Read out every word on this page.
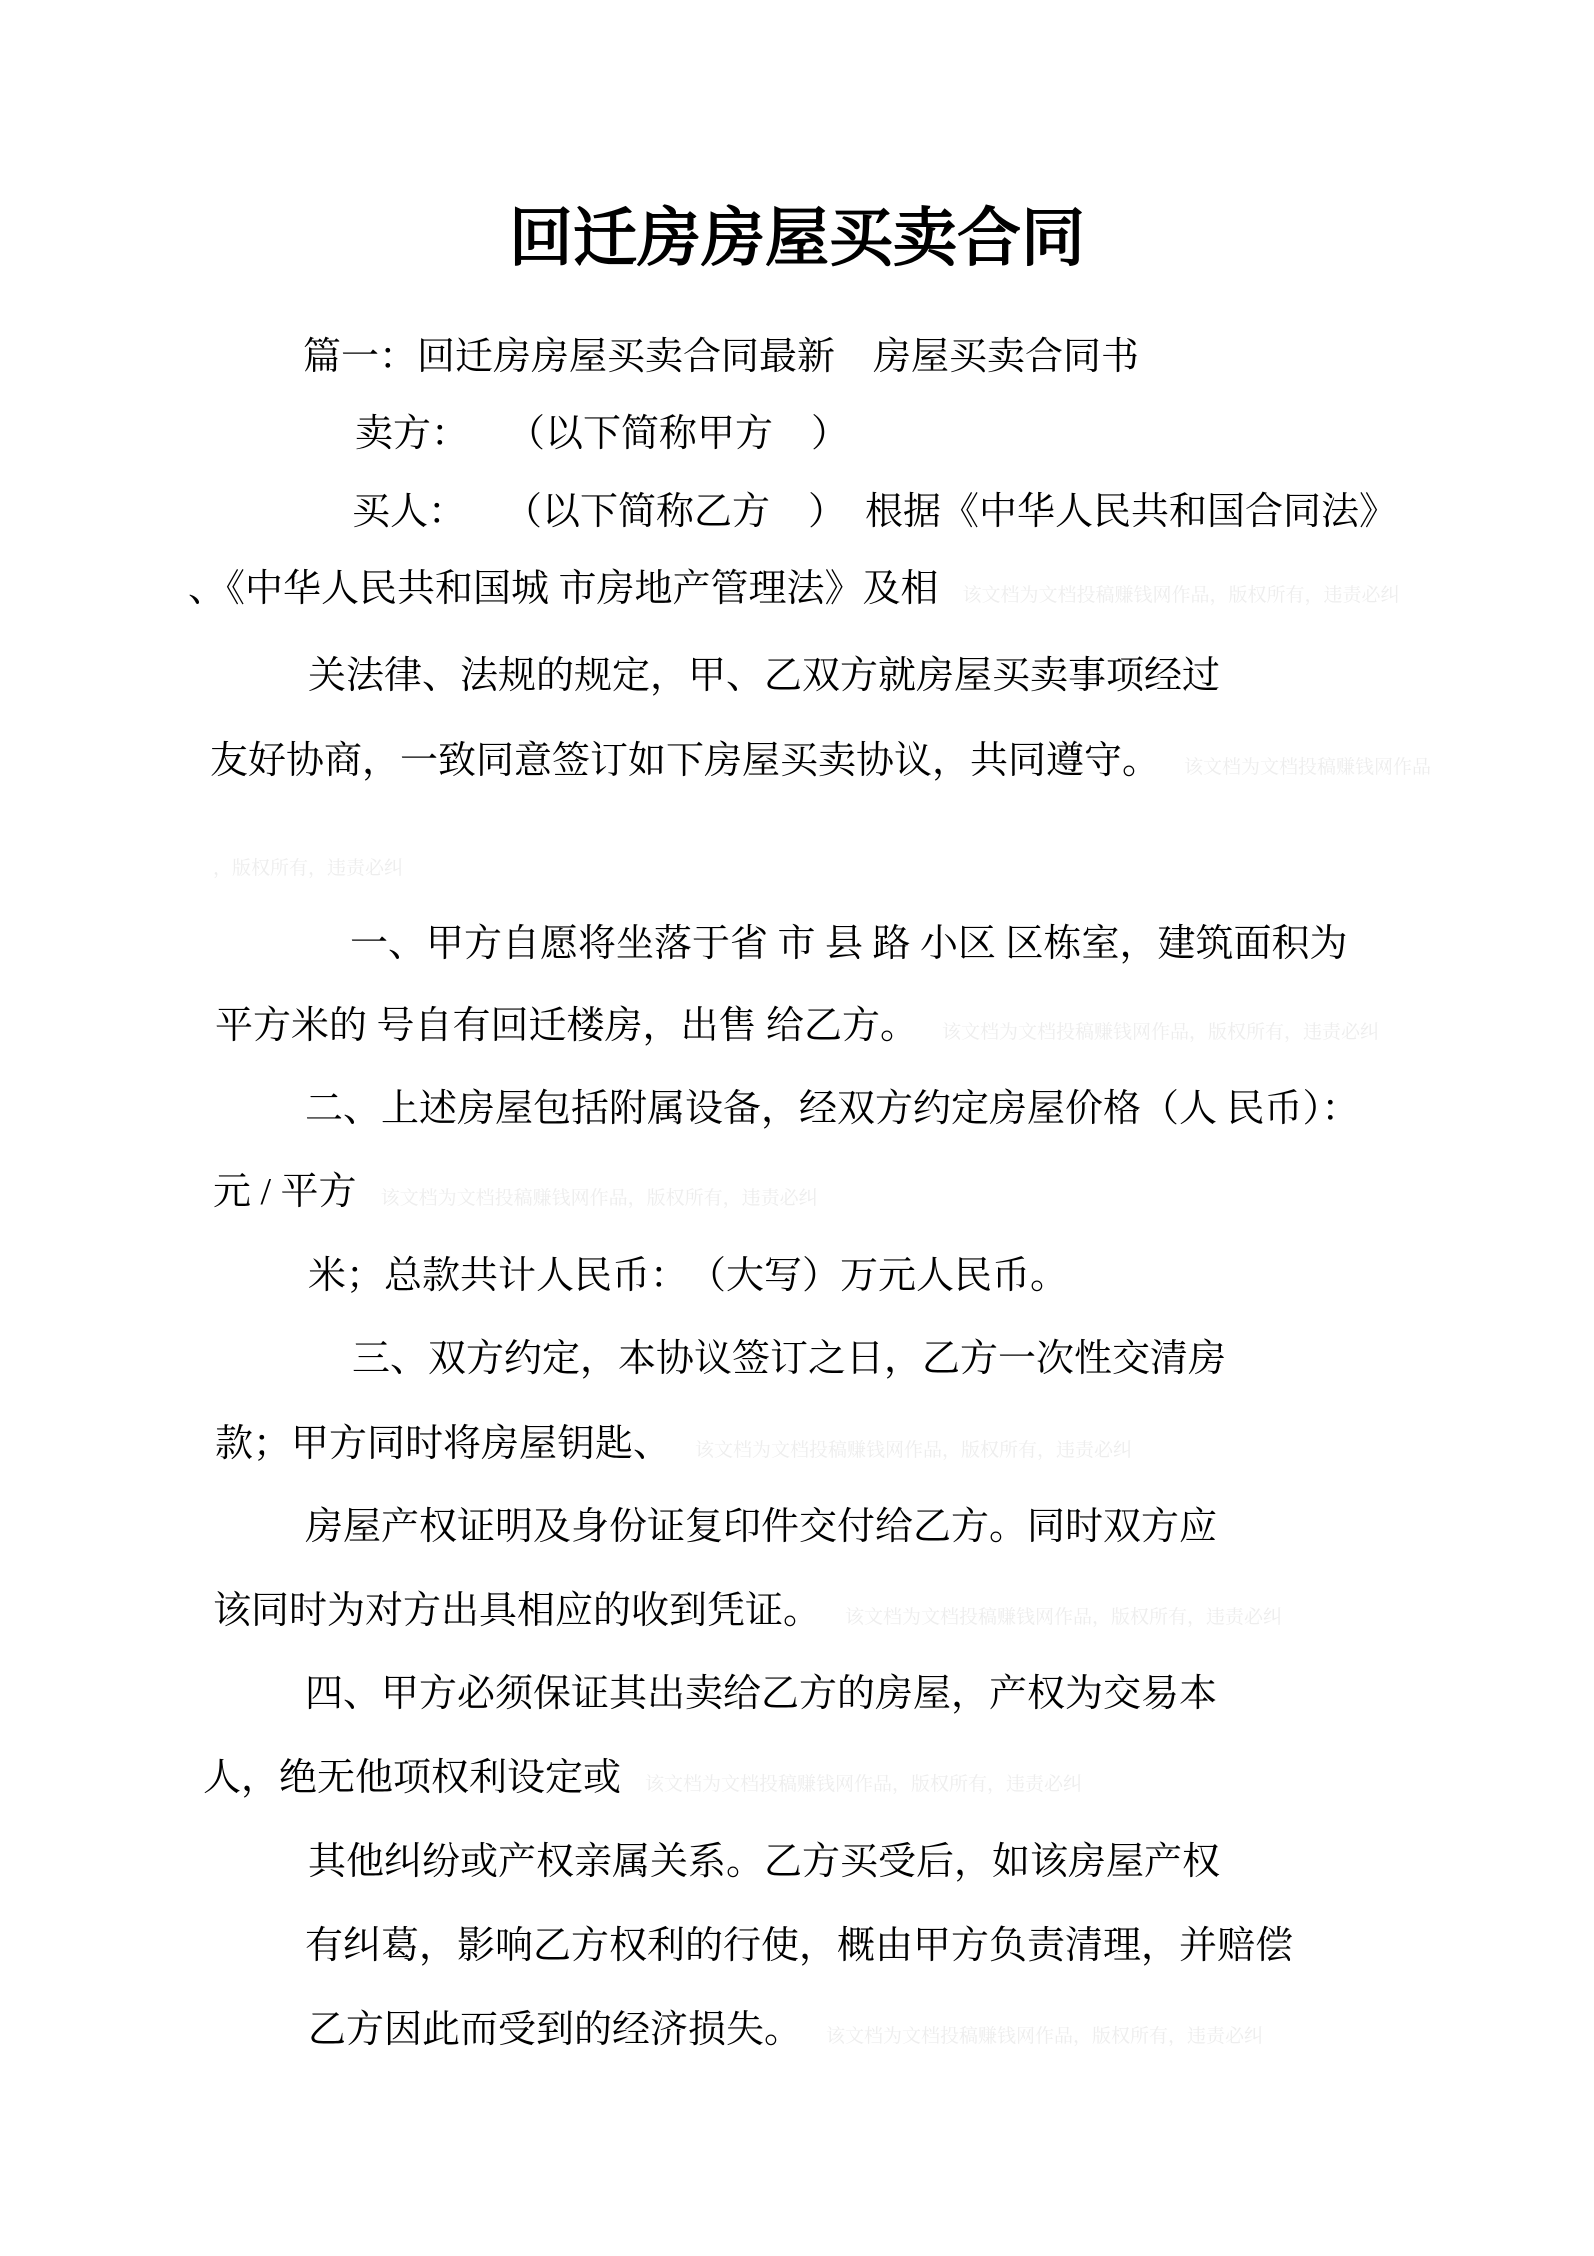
回迁房房屋买卖合同
篇一：回迁房房屋买卖合同最新　房屋买卖合同书
卖方：　　（以下简称甲方　）
买人：　　（以下简称乙方　）　根据《中华人民共和国合同法》
、《中华人民共和国城 市房地产管理法》及相 该文档为文档投稿赚钱网作品，版权所有，违责必纠
关法律、法规的规定，甲、乙双方就房屋买卖事项经过
友好协商，一致同意签订如下房屋买卖协议，共同遵守。 该文档为文档投稿赚钱网作品
，版权所有，违责必纠
一、甲方自愿将坐落于省 市 县 路 小区 区栋室，建筑面积为
平方米的 号自有回迁楼房，出售 给乙方。 该文档为文档投稿赚钱网作品，版权所有，违责必纠
二、上述房屋包括附属设备，经双方约定房屋价格（人 民币）：
元 / 平方 该文档为文档投稿赚钱网作品，版权所有，违责必纠
米；总款共计人民币：　（大写）万元人民币。
三、双方约定，本协议签订之日，乙方一次性交清房
款；甲方同时将房屋钥匙、 该文档为文档投稿赚钱网作品，版权所有，违责必纠
房屋产权证明及身份证复印件交付给乙方。同时双方应
该同时为对方出具相应的收到凭证。 该文档为文档投稿赚钱网作品，版权所有，违责必纠
四、甲方必须保证其出卖给乙方的房屋，产权为交易本
人，绝无他项权利设定或 该文档为文档投稿赚钱网作品，版权所有，违责必纠
其他纠纷或产权亲属关系。乙方买受后，如该房屋产权
有纠葛，影响乙方权利的行使，概由甲方负责清理，并赔偿
乙方因此而受到的经济损失。 该文档为文档投稿赚钱网作品，版权所有，违责必纠
